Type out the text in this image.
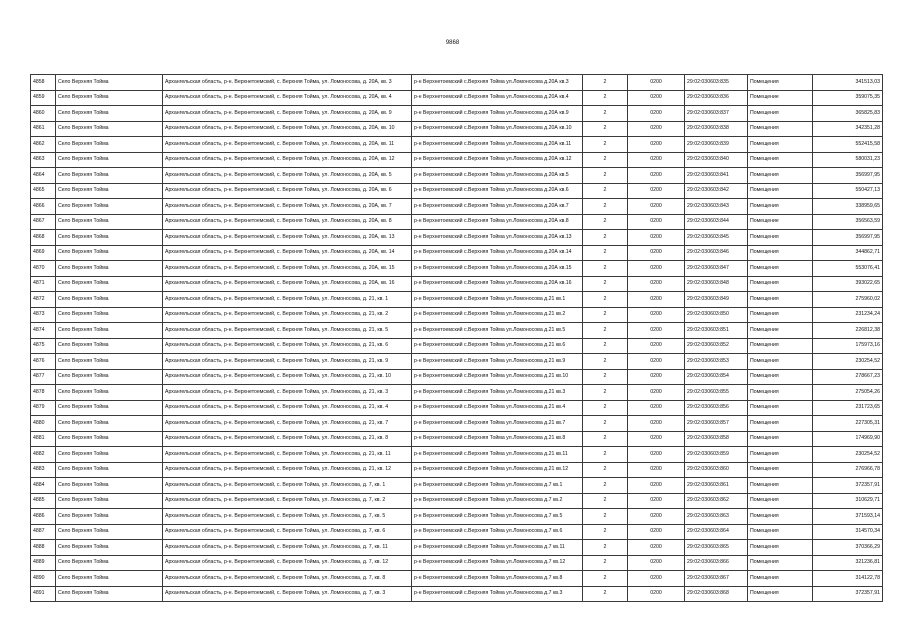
9868
4858	Село Верхняя Тойма	Архангельская область, р-н. Верхнетоемский, с. Верхняя Тойма, ул. Ломоносова, д. 20А, кв. 3	р-н Верхнетоемский с.Верхняя Тойма ул.Ломоносова д.20А кв.3	2	0200	29:02:030603:835	Помещения	341513,03
4859	Село Верхняя Тойма	Архангельская область, р-н. Верхнетоемский, с. Верхняя Тойма, ул. Ломоносова, д. 20А, кв. 4	р-н Верхнетоемский с.Верхняя Тойма ул.Ломоносова д.20А кв.4	2	0200	29:02:030603:836	Помещение	359075,35
4860	Село Верхняя Тойма	Архангельская область, р-н. Верхнетоемский, с. Верхняя Тойма, ул. Ломоносова, д. 20А, кв. 9	р-н Верхнетоемский с.Верхняя Тойма ул.Ломоносова д.20А кв.9	2	0200	29:02:030603:837	Помещения	365825,83
4861	Село Верхняя Тойма	Архангельская область, р-н. Верхнетоемский, с. Верхняя Тойма, ул. Ломоносова, д. 20А, кв. 10	р-н Верхнетоемский с.Верхняя Тойма ул.Ломоносова д.20А кв.10	2	0200	29:02:030603:838	Помещения	342351,28
4862	Село Верхняя Тойма	Архангельская область, р-н. Верхнетоемский, с. Верхняя Тойма, ул. Ломоносова, д. 20А, кв. 11	р-н Верхнетоемский с.Верхняя Тойма ул.Ломоносова д.20А кв.11	2	0200	29:02:030603:839	Помещения	552415,58
4863	Село Верхняя Тойма	Архангельская область, р-н. Верхнетоемский, с. Верхняя Тойма, ул. Ломоносова, д. 20А, кв. 12	р-н Верхнетоемский с.Верхняя Тойма ул.Ломоносова д.20А кв.12	2	0200	29:02:030603:840	Помещения	580031,23
4864	Село Верхняя Тойма	Архангельская область, р-н. Верхнетоемский, с. Верхняя Тойма, ул. Ломоносова, д. 20А, кв. 5	р-н Верхнетоемский с.Верхняя Тойма ул.Ломоносова д.20А кв.5	2	0200	29:02:030603:841	Помещения	356997,95
4865	Село Верхняя Тойма	Архангельская область, р-н. Верхнетоемский, с. Верхняя Тойма, ул. Ломоносова, д. 20А, кв. 6	р-н Верхнетоемский с.Верхняя Тойма ул.Ломоносова д.20А кв.6	2	0200	29:02:030603:842	Помещения	550427,13
4866	Село Верхняя Тойма	Архангельская область, р-н. Верхнетоемский, с. Верхняя Тойма, ул. Ломоносова, д. 20А, кв. 7	р-н Верхнетоемский с.Верхняя Тойма ул.Ломоносова д.20А кв.7	2	0200	29:02:030603:843	Помещения	338959,65
4867	Село Верхняя Тойма	Архангельская область, р-н. Верхнетоемский, с. Верхняя Тойма, ул. Ломоносова, д. 20А, кв. 8	р-н Верхнетоемский с.Верхняя Тойма ул.Ломоносова д.20А кв.8	2	0200	29:02:030603:844	Помещение	356563,59
4868	Село Верхняя Тойма	Архангельская область, р-н. Верхнетоемский, с. Верхняя Тойма, ул. Ломоносова, д. 20А, кв. 13	р-н Верхнетоемский с.Верхняя Тойма ул.Ломоносова д.20А кв.13	2	0200	29:02:030603:845	Помещения	356997,95
4869	Село Верхняя Тойма	Архангельская область, р-н. Верхнетоемский, с. Верхняя Тойма, ул. Ломоносова, д. 20А, кв. 14	р-н Верхнетоемский с.Верхняя Тойма ул.Ломоносова д.20А кв.14	2	0200	29:02:030603:846	Помещения	344862,71
4870	Село Верхняя Тойма	Архангельская область, р-н. Верхнетоемский, с. Верхняя Тойма, ул. Ломоносова, д. 20А, кв. 15	р-н Верхнетоемский с.Верхняя Тойма ул.Ломоносова д.20А кв.15	2	0200	29:02:030603:847	Помещения	553076,41
4871	Село Верхняя Тойма	Архангельская область, р-н. Верхнетоемский, с. Верхняя Тойма, ул. Ломоносова, д. 20А, кв. 16	р-н Верхнетоемский с.Верхняя Тойма ул.Ломоносова д.20А кв.16	2	0200	29:02:030603:848	Помещения	393022,65
4872	Село Верхняя Тойма	Архангельская область, р-н. Верхнетоемский, с. Верхняя Тойма, ул. Ломоносова, д. 21, кв. 1	р-н Верхнетоемский с.Верхняя Тойма ул.Ломоносова д.21 кв.1	2	0200	29:02:030603:849	Помещения	275960,02
4873	Село Верхняя Тойма	Архангельская область, р-н. Верхнетоемский, с. Верхняя Тойма, ул. Ломоносова, д. 21, кв. 2	р-н Верхнетоемский с.Верхняя Тойма ул.Ломоносова д.21 кв.2	2	0200	29:02:030603:850	Помещения	231234,24
4874	Село Верхняя Тойма	Архангельская область, р-н. Верхнетоемский, с. Верхняя Тойма, ул. Ломоносова, д. 21, кв. 5	р-н Верхнетоемский с.Верхняя Тойма ул.Ломоносова д.21 кв.5	2	0200	29:02:030603:851	Помещение	226812,38
4875	Село Верхняя Тойма	Архангельская область, р-н. Верхнетоемский, с. Верхняя Тойма, ул. Ломоносова, д. 21, кв. 6	р-н Верхнетоемский с.Верхняя Тойма ул.Ломоносова д.21 кв.6	2	0200	29:02:030603:852	Помещения	175973,16
4876	Село Верхняя Тойма	Архангельская область, р-н. Верхнетоемский, с. Верхняя Тойма, ул. Ломоносова, д. 21, кв. 9	р-н Верхнетоемский с.Верхняя Тойма ул.Ломоносова д.21 кв.9	2	0200	29:02:030603:853	Помещения	230254,52
4877	Село Верхняя Тойма	Архангельская область, р-н. Верхнетоемский, с. Верхняя Тойма, ул. Ломоносова, д. 21, кв. 10	р-н Верхнетоемский с.Верхняя Тойма ул.Ломоносова д.21 кв.10	2	0200	29:02:030603:854	Помещения	278667,23
4878	Село Верхняя Тойма	Архангельская область, р-н. Верхнетоемский, с. Верхняя Тойма, ул. Ломоносова, д. 21, кв. 3	р-н Верхнетоемский с.Верхняя Тойма ул.Ломоносова д.21 кв.3	2	0200	29:02:030603:855	Помещения	275054,26
4879	Село Верхняя Тойма	Архангельская область, р-н. Верхнетоемский, с. Верхняя Тойма, ул. Ломоносова, д. 21, кв. 4	р-н Верхнетоемский с.Верхняя Тойма ул.Ломоносова д.21 кв.4	2	0200	29:02:030603:856	Помещения	231723,65
4880	Село Верхняя Тойма	Архангельская область, р-н. Верхнетоемский, с. Верхняя Тойма, ул. Ломоносова, д. 21, кв. 7	р-н Верхнетоемский с.Верхняя Тойма ул.Ломоносова д.21 кв.7	2	0200	29:02:030603:857	Помещения	227305,31
4881	Село Верхняя Тойма	Архангельская область, р-н. Верхнетоемский, с. Верхняя Тойма, ул. Ломоносова, д. 21, кв. 8	р-н Верхнетоемский с.Верхняя Тойма ул.Ломоносова д.21 кв.8	2	0200	29:02:030603:858	Помещения	174969,90
4882	Село Верхняя Тойма	Архангельская область, р-н. Верхнетоемский, с. Верхняя Тойма, ул. Ломоносова, д. 21, кв. 11	р-н Верхнетоемский с.Верхняя Тойма ул.Ломоносова д.21 кв.11	2	0200	29:02:030603:859	Помещения	230254,52
4883	Село Верхняя Тойма	Архангельская область, р-н. Верхнетоемский, с. Верхняя Тойма, ул. Ломоносова, д. 21, кв. 12	р-н Верхнетоемский с.Верхняя Тойма ул.Ломоносова д.21 кв.12	2	0200	29:02:030603:860	Помещения	276966,78
4884	Село Верхняя Тойма	Архангельская область, р-н. Верхнетоемский, с. Верхняя Тойма, ул. Ломоносова, д. 7, кв. 1	р-н Верхнетоемский с.Верхняя Тойма ул.Ломоносова д.7 кв.1	2	0200	29:02:030603:861	Помещения	372357,91
4885	Село Верхняя Тойма	Архангельская область, р-н. Верхнетоемский, с. Верхняя Тойма, ул. Ломоносова, д. 7, кв. 2	р-н Верхнетоемский с.Верхняя Тойма ул.Ломоносова д.7 кв.2	2	0200	29:02:030603:862	Помещения	310629,71
4886	Село Верхняя Тойма	Архангельская область, р-н. Верхнетоемский, с. Верхняя Тойма, ул. Ломоносова, д. 7, кв. 5	р-н Верхнетоемский с.Верхняя Тойма ул.Ломоносова д.7 кв.5	2	0200	29:02:030603:863	Помещения	371593,14
4887	Село Верхняя Тойма	Архангельская область, р-н. Верхнетоемский, с. Верхняя Тойма, ул. Ломоносова, д. 7, кв. 6	р-н Верхнетоемский с.Верхняя Тойма ул.Ломоносова д.7 кв.6	2	0200	29:02:030603:864	Помещения	314570,34
4888	Село Верхняя Тойма	Архангельская область, р-н. Верхнетоемский, с. Верхняя Тойма, ул. Ломоносова, д. 7, кв. 11	р-н Верхнетоемский с.Верхняя Тойма ул.Ломоносова д.7 кв.11	2	0200	29:02:030603:865	Помещения	370366,29
4889	Село Верхняя Тойма	Архангельская область, р-н. Верхнетоемский, с. Верхняя Тойма, ул. Ломоносова, д. 7, кв. 12	р-н Верхнетоемский с.Верхняя Тойма ул.Ломоносова д.7 кв.12	2	0200	29:02:030603:866	Помещения	321236,81
4890	Село Верхняя Тойма	Архангельская область, р-н. Верхнетоемский, с. Верхняя Тойма, ул. Ломоносова, д. 7, кв. 8	р-н Верхнетоемский с.Верхняя Тойма ул.Ломоносова д.7 кв.8	2	0200	29:02:030603:867	Помещения	314122,78
4891	Село Верхняя Тойма	Архангельская область, р-н. Верхнетоемский, с. Верхняя Тойма, ул. Ломоносова, д. 7, кв. 3	р-н Верхнетоемский с.Верхняя Тойма ул.Ломоносова д.7 кв.3	2	0200	29:02:030603:868	Помещения	372357,91
